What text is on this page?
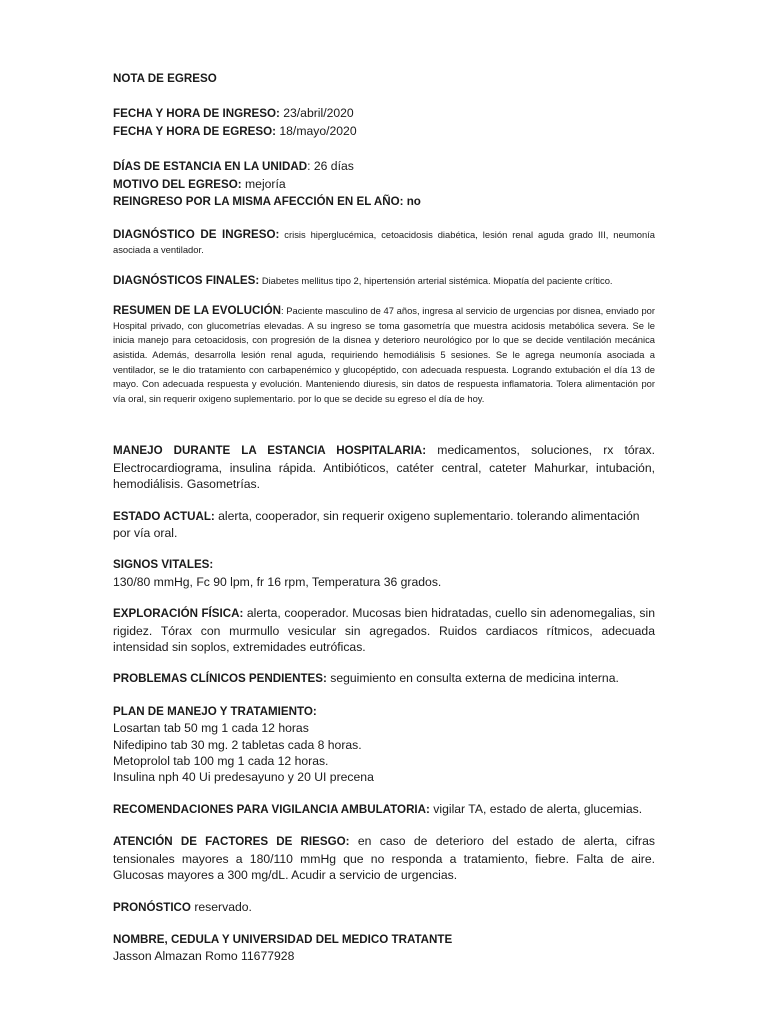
NOTA DE EGRESO

FECHA Y HORA DE INGRESO: 23/abril/2020

FECHA Y HORA DE EGRESO: 18/mayo/2020

DÍAS DE ESTANCIA EN LA UNIDAD: 26 días

MOTIVO DEL EGRESO: mejoría

REINGRESO POR LA MISMA AFECCIÓN EN EL AÑO: no

DIAGNÓSTICO DE INGRESO: crisis hiperglucémica, cetoacidosis diabética, lesión renal aguda grado III, neumonía asociada a ventilador.

DIAGNÓSTICOS FINALES: Diabetes mellitus tipo 2, hipertensión arterial sistémica. Miopatía del paciente crítico.

RESUMEN DE LA EVOLUCIÓN: Paciente masculino de 47 años, ingresa al servicio de urgencias por disnea, enviado por Hospital privado, con glucometrías elevadas. A su ingreso se toma gasometría que muestra acidosis metabólica severa. Se le inicia manejo para cetoacidosis, con progresión de la disnea y deterioro neurológico por lo que se decide ventilación mecánica asistida. Además, desarrolla lesión renal aguda, requiriendo hemodiálisis 5 sesiones. Se le agrega neumonía asociada a ventilador, se le dio tratamiento con carbapenémico y glucopéptido, con adecuada respuesta. Logrando extubación el día 13 de mayo. Con adecuada respuesta y evolución. Manteniendo diuresis, sin datos de respuesta inflamatoria. Tolera alimentación por vía oral, sin requerir oxigeno suplementario. por lo que se decide su egreso el día de hoy.

MANEJO DURANTE LA ESTANCIA HOSPITALARIA: medicamentos, soluciones, rx tórax. Electrocardiograma, insulina rápida. Antibióticos, catéter central, cateter Mahurkar, intubación, hemodiálisis. Gasometrías.

ESTADO ACTUAL: alerta, cooperador, sin requerir oxigeno suplementario. tolerando alimentación por vía oral.

SIGNOS VITALES:

130/80 mmHg, Fc 90 lpm, fr 16 rpm, Temperatura 36 grados.

EXPLORACIÓN FÍSICA: alerta, cooperador. Mucosas bien hidratadas, cuello sin adenomegalias, sin rigidez. Tórax con murmullo vesicular sin agregados. Ruidos cardiacos rítmicos, adecuada intensidad sin soplos, extremidades eutróficas.

PROBLEMAS CLÍNICOS PENDIENTES: seguimiento en consulta externa de medicina interna.

PLAN DE MANEJO Y TRATAMIENTO:

Losartan tab 50 mg 1 cada 12 horas

Nifedipino tab 30 mg. 2 tabletas cada 8 horas.

Metoprolol tab 100 mg 1 cada 12 horas.

Insulina nph 40 Ui predesayuno y 20 UI precena

RECOMENDACIONES PARA VIGILANCIA AMBULATORIA: vigilar TA, estado de alerta, glucemias.

ATENCIÓN DE FACTORES DE RIESGO: en caso de deterioro del estado de alerta, cifras tensionales mayores a 180/110 mmHg que no responda a tratamiento, fiebre. Falta de aire. Glucosas mayores a 300 mg/dL. Acudir a servicio de urgencias.

PRONÓSTICO reservado.

NOMBRE, CEDULA Y UNIVERSIDAD DEL MEDICO TRATANTE

Jasson Almazan Romo 11677928
